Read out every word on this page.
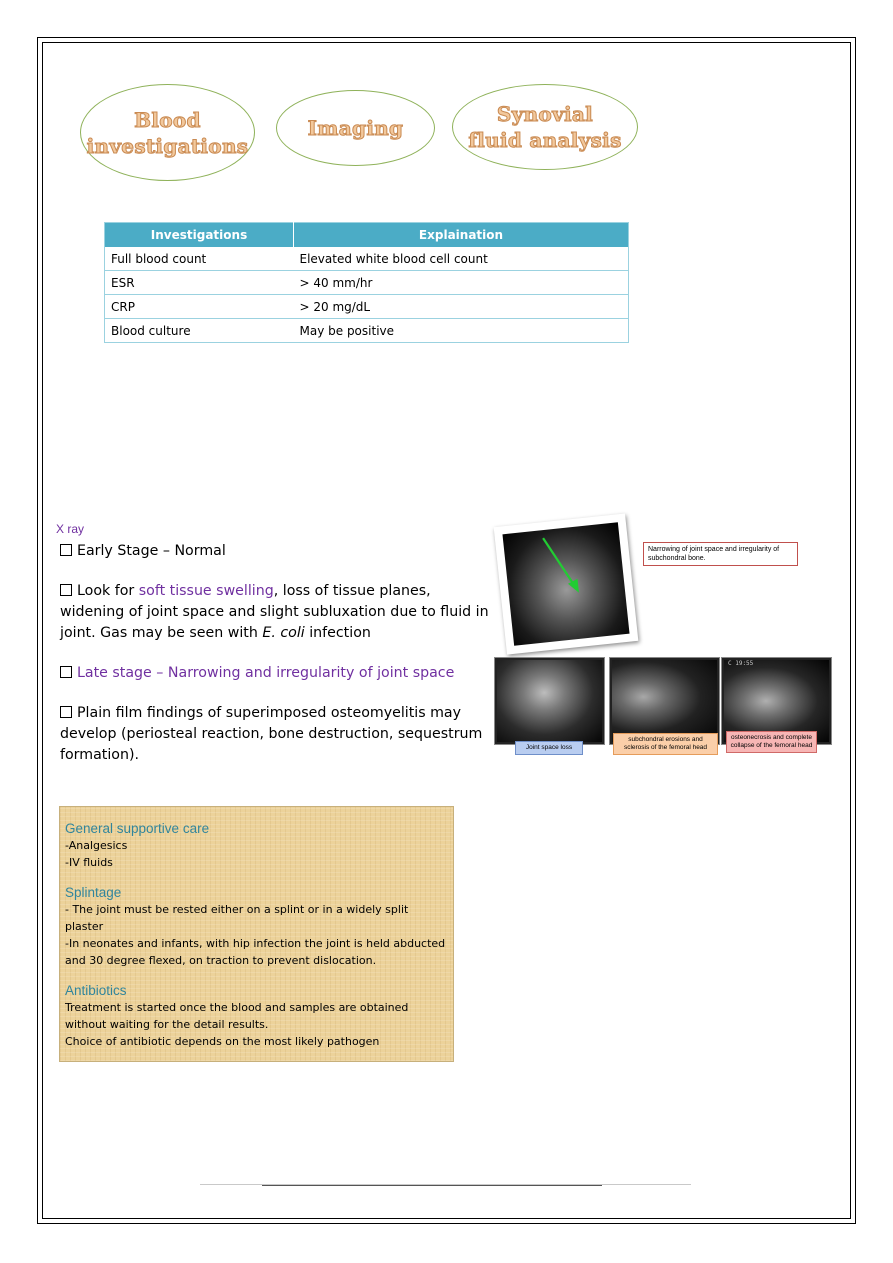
Blood
investigations
Imaging
Synovial
fluid analysis
Investigations	Explaination
Full blood count	Elevated white blood cell count
ESR	> 40 mm/hr
CRP	> 20 mg/dL
Blood culture	May be positive
X ray

Early Stage – Normal

Look for soft tissue swelling, loss of tissue planes, widening of joint space and slight subluxation due to fluid in joint. Gas may be seen with E. coli infection

Late stage – Narrowing and irregularity of joint space

Plain film findings of superimposed osteomyelitis may develop (periosteal reaction, bone destruction, sequestrum formation).

Narrowing of joint space and irregularity of subchondral bone.
C 19:55
Joint space loss
subchondral erosions and sclerosis of the femoral head
osteonecrosis and complete collapse of the femoral head
General supportive care

-Analgesics

-IV fluids

Splintage

- The joint must be rested either on a splint or in a widely split plaster

-In neonates and infants, with hip infection the joint is held abducted and 30 degree flexed, on traction to prevent dislocation.

Antibiotics

Treatment is started once the blood and samples are obtained without waiting for the detail results.

Choice of antibiotic depends on the most likely pathogen
